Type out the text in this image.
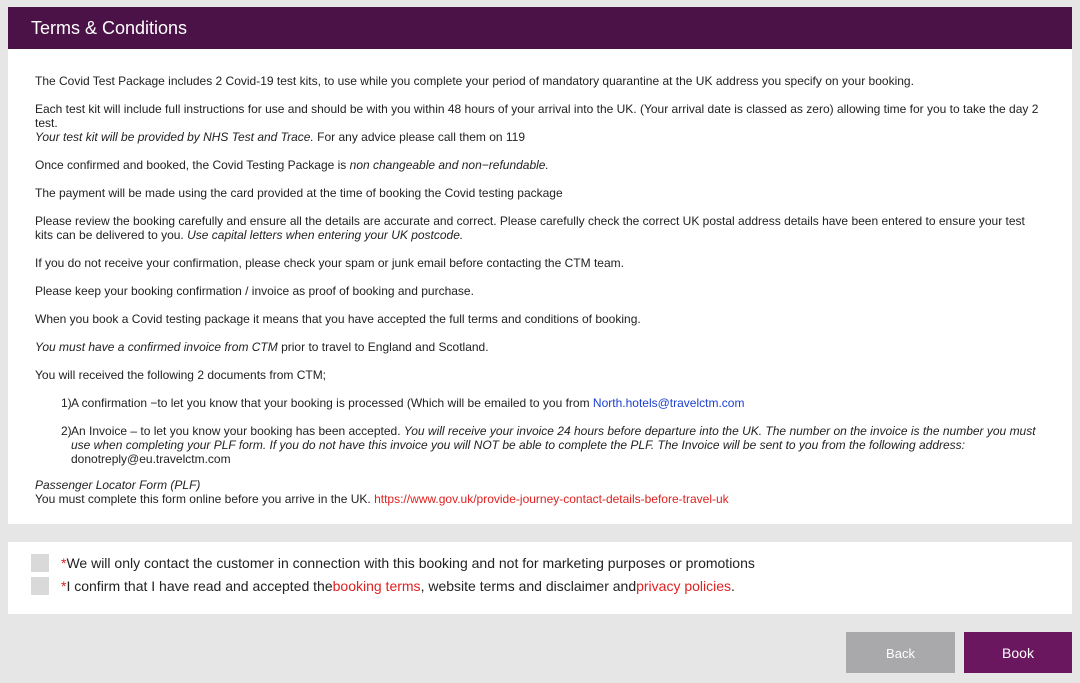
Terms & Conditions

The Covid Test Package includes 2 Covid-19 test kits, to use while you complete your period of mandatory quarantine at the UK address you specify on your booking.

Each test kit will include full instructions for use and should be with you within 48 hours of your arrival into the UK. (Your arrival date is classed as zero) allowing time for you to take the day 2 test.
Your test kit will be provided by NHS Test and Trace. For any advice please call them on 119

Once confirmed and booked, the Covid Testing Package is non changeable and non−refundable.

The payment will be made using the card provided at the time of booking the Covid testing package

Please review the booking carefully and ensure all the details are accurate and correct. Please carefully check the correct UK postal address details have been entered to ensure your test kits can be delivered to you. Use capital letters when entering your UK postcode.

If you do not receive your confirmation, please check your spam or junk email before contacting the CTM team.

Please keep your booking confirmation / invoice as proof of booking and purchase.

When you book a Covid testing package it means that you have accepted the full terms and conditions of booking.

You must have a confirmed invoice from CTM prior to travel to England and Scotland.

You will received the following 2 documents from CTM;

1) A confirmation −to let you know that your booking is processed (Which will be emailed to you from North.hotels@travelctm.com
2) An Invoice – to let you know your booking has been accepted. You will receive your invoice 24 hours before departure into the UK. The number on the invoice is the number you must use when completing your PLF form. If you do not have this invoice you will NOT be able to complete the PLF. The Invoice will be sent to you from the following address:
donotreply@eu.travelctm.com
Passenger Locator Form (PLF)
You must complete this form online before you arrive in the UK. https://www.gov.uk/provide-journey-contact-details-before-travel-uk
* We will only contact the customer in connection with this booking and not for marketing purposes or promotions
* I confirm that I have read and accepted the booking terms , website terms and disclaimer and privacy policies .
Back	Book
